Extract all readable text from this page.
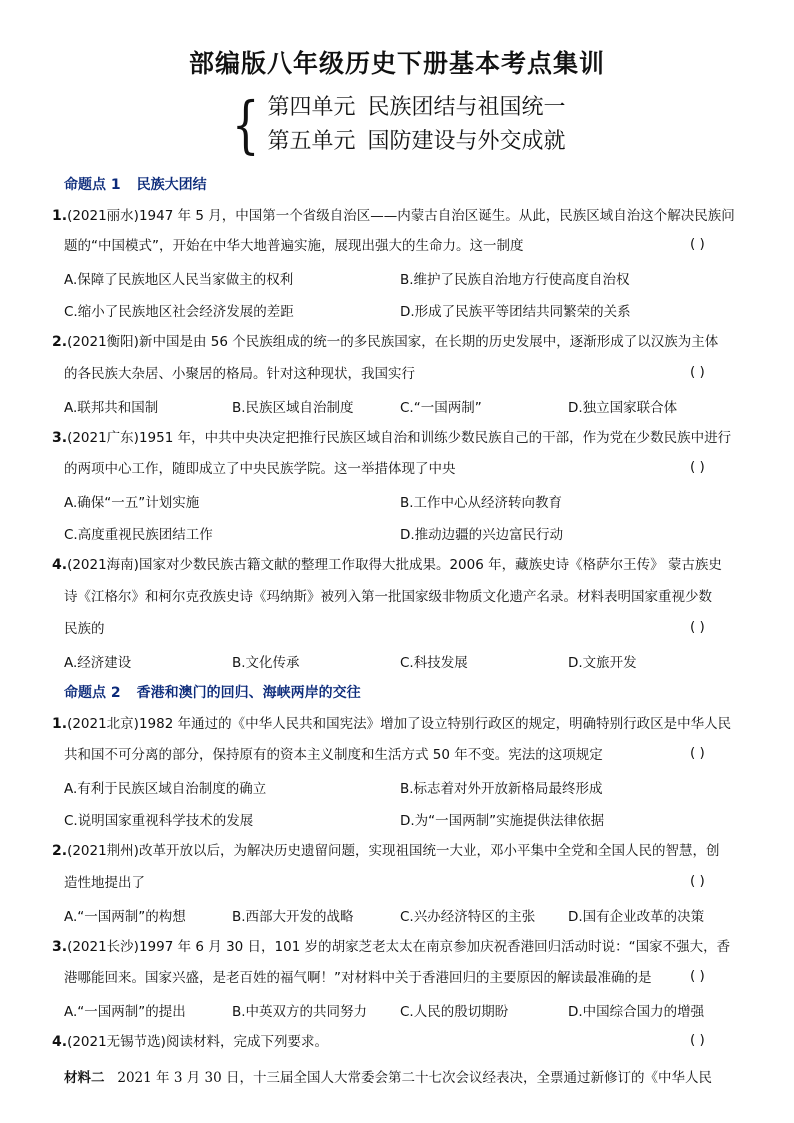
部编版八年级历史下册基本考点集训
{ 第四单元 民族团结与祖国统一
第五单元 国防建设与外交成就
命题点 1 民族大团结
1.(2021丽水)1947 年 5 月，中国第一个省级自治区——内蒙古自治区诞生。从此，民族区域自治这个解决民族问
题的“中国模式”，开始在中华大地普遍实施，展现出强大的生命力。这一制度	( )
A.保障了民族地区人民当家做主的权利	B.维护了民族自治地方行使高度自治权
C.缩小了民族地区社会经济发展的差距	D.形成了民族平等团结共同繁荣的关系
2.(2021衡阳)新中国是由 56 个民族组成的统一的多民族国家，在长期的历史发展中，逐渐形成了以汉族为主体
的各民族大杂居、小聚居的格局。针对这种现状，我国实行	( )
A.联邦共和国制	B.民族区域自治制度	C.“一国两制”	D.独立国家联合体
3.(2021广东)1951 年，中共中央决定把推行民族区域自治和训练少数民族自己的干部，作为党在少数民族中进行
的两项中心工作，随即成立了中央民族学院。这一举措体现了中央	( )
A.确保“一五”计划实施	B.工作中心从经济转向教育
C.高度重视民族团结工作	D.推动边疆的兴边富民行动
4.(2021海南)国家对少数民族古籍文献的整理工作取得大批成果。2006 年，藏族史诗《格萨尔王传》 蒙古族史
诗《江格尔》和柯尔克孜族史诗《玛纳斯》被列入第一批国家级非物质文化遗产名录。材料表明国家重视少数
民族的	( )
A.经济建设	B.文化传承	C.科技发展	D.文旅开发
命题点 2 香港和澳门的回归、海峡两岸的交往
1.(2021北京)1982 年通过的《中华人民共和国宪法》增加了设立特别行政区的规定，明确特别行政区是中华人民
共和国不可分离的部分，保持原有的资本主义制度和生活方式 50 年不变。宪法的这项规定	( )
A.有利于民族区域自治制度的确立	B.标志着对外开放新格局最终形成
C.说明国家重视科学技术的发展	D.为“一国两制”实施提供法律依据
2.(2021荆州)改革开放以后，为解决历史遗留问题，实现祖国统一大业，邓小平集中全党和全国人民的智慧，创
造性地提出了	( )
A.“一国两制”的构想	B.西部大开发的战略	C.兴办经济特区的主张 D.国有企业改革的决策
3.(2021长沙)1997 年 6 月 30 日，101 岁的胡家芝老太太在南京参加庆祝香港回归活动时说：“国家不强大，香
港哪能回来。国家兴盛，是老百姓的福气啊！”对材料中关于香港回归的主要原因的解读最准确的是	( )
A.“一国两制”的提出	B.中英双方的共同努力 C.人民的殷切期盼	D.中国综合国力的增强
4.(2021无锡节选)阅读材料，完成下列要求。	( )
材料二 2021 年 3 月 30 日，十三届全国人大常委会第二十七次会议经表决，全票通过新修订的《中华人民
